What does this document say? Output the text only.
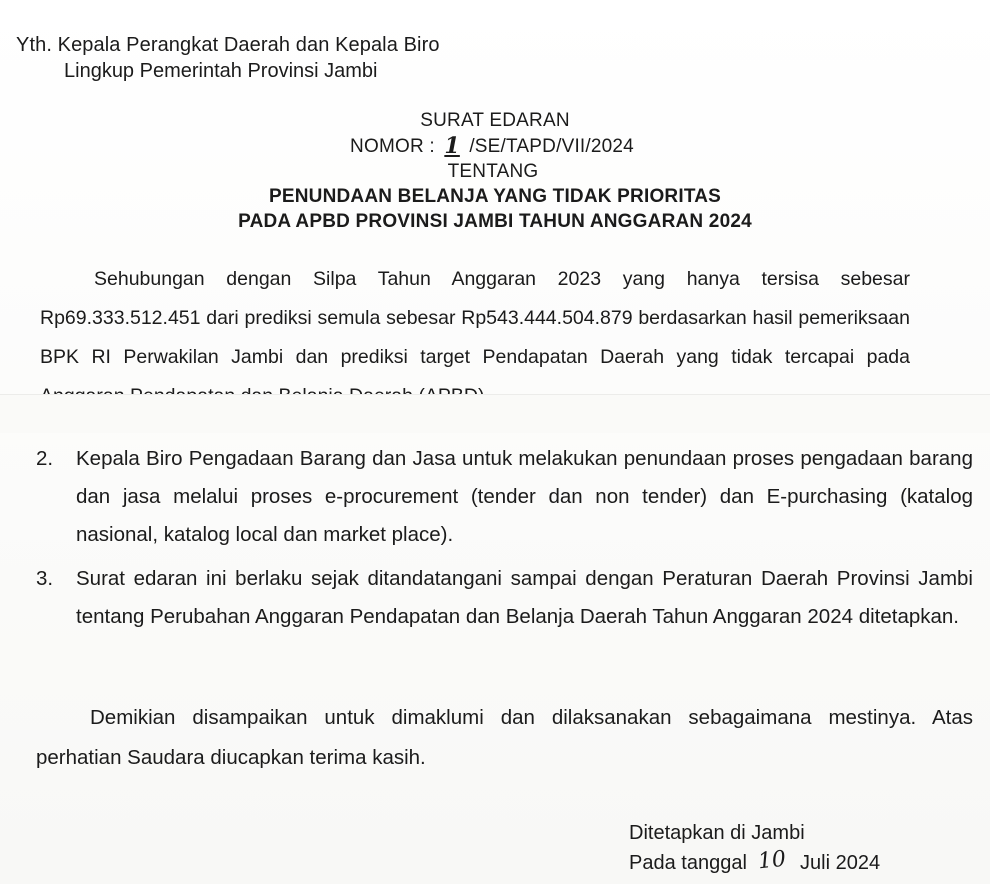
Yth. Kepala Perangkat Daerah dan Kepala Biro
Lingkup Pemerintah Provinsi Jambi
SURAT EDARAN
NOMOR : 1 /SE/TAPD/VII/2024
TENTANG
PENUNDAAN BELANJA YANG TIDAK PRIORITAS
PADA APBD PROVINSI JAMBI TAHUN ANGGARAN 2024
Sehubungan dengan Silpa Tahun Anggaran 2023 yang hanya tersisa sebesar Rp69.333.512.451 dari prediksi semula sebesar Rp543.444.504.879 berdasarkan hasil pemeriksaan BPK RI Perwakilan Jambi dan prediksi target Pendapatan Daerah yang tidak tercapai pada
2.	Kepala Biro Pengadaan Barang dan Jasa untuk melakukan penundaan proses pengadaan barang dan jasa melalui proses e-procurement (tender dan non tender) dan E-purchasing (katalog nasional, katalog local dan market place).
3.	Surat edaran ini berlaku sejak ditandatangani sampai dengan Peraturan Daerah Provinsi Jambi tentang Perubahan Anggaran Pendapatan dan Belanja Daerah Tahun Anggaran 2024 ditetapkan.
Demikian disampaikan untuk dimaklumi dan dilaksanakan sebagaimana mestinya. Atas perhatian Saudara diucapkan terima kasih.
Ditetapkan di Jambi
Pada tanggal 10 Juli 2024
